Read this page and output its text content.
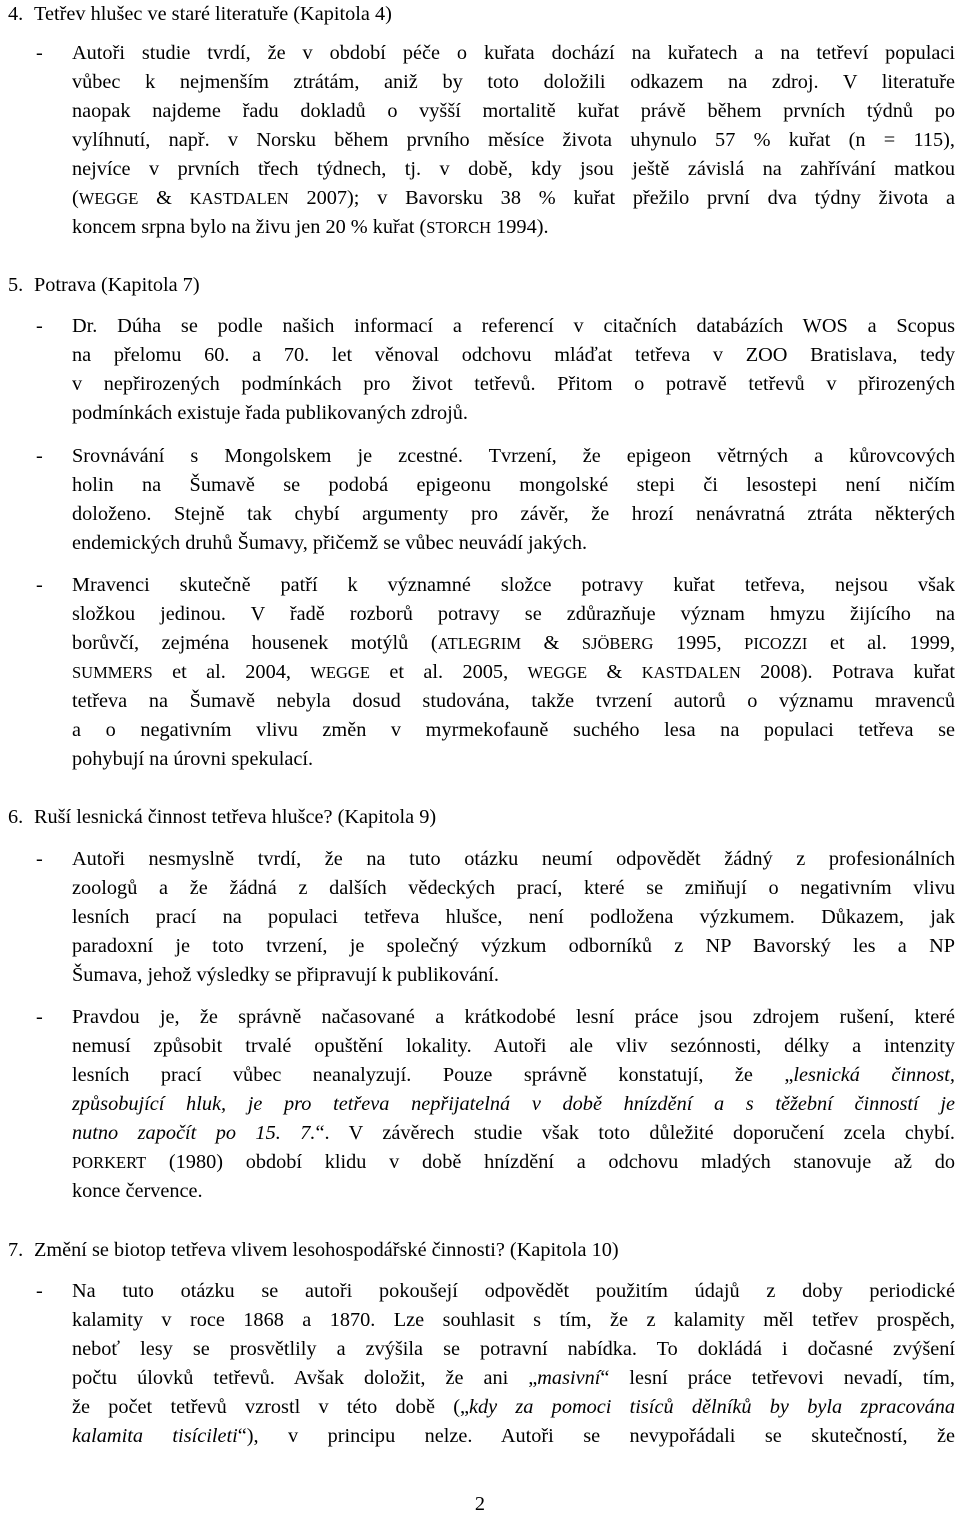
4. Tetřev hlušec ve staré literatuře (Kapitola 4)
- Autoři studie tvrdí, že v období péče o kuřata dochází na kuřatech a na tetřeví populaci
vůbec k nejmenším ztrátám, aniž by toto doložili odkazem na zdroj. V literatuře
naopak najdeme řadu dokladů o vyšší mortalitě kuřat právě během prvních týdnů po
vylíhnutí, např. v Norsku během prvního měsíce života uhynulo 57 % kuřat (n = 115),
nejvíce v prvních třech týdnech, tj. v době, kdy jsou ještě závislá na zahřívání matkou
(WEGGE & KASTDALEN 2007); v Bavorsku 38 % kuřat přežilo první dva týdny života a
koncem srpna bylo na živu jen 20 % kuřat (STORCH 1994).
5. Potrava (Kapitola 7)
- Dr. Dúha se podle našich informací a referencí v citačních databázích WOS a Scopus
na přelomu 60. a 70. let věnoval odchovu mláďat tetřeva v ZOO Bratislava, tedy
v nepřirozených podmínkách pro život tetřevů. Přitom o potravě tetřevů v přirozených
podmínkách existuje řada publikovaných zdrojů.
- Srovnávání s Mongolskem je zcestné. Tvrzení, že epigeon větrných a kůrovcových
holin na Šumavě se podobá epigeonu mongolské stepi či lesostepi není ničím
doloženo. Stejně tak chybí argumenty pro závěr, že hrozí nenávratná ztráta některých
endemických druhů Šumavy, přičemž se vůbec neuvádí jakých.
- Mravenci skutečně patří k významné složce potravy kuřat tetřeva, nejsou však
složkou jedinou. V řadě rozborů potravy se zdůrazňuje význam hmyzu žijícího na
borůvčí, zejména housenek motýlů (ATLEGRIM & SJÖBERG 1995, PICOZZI et al. 1999,
SUMMERS et al. 2004, WEGGE et al. 2005, WEGGE & KASTDALEN 2008). Potrava kuřat
tetřeva na Šumavě nebyla dosud studována, takže tvrzení autorů o významu mravenců
a o negativním vlivu změn v myrmekofauně suchého lesa na populaci tetřeva se
pohybují na úrovni spekulací.
6. Ruší lesnická činnost tetřeva hlušce? (Kapitola 9)
- Autoři nesmyslně tvrdí, že na tuto otázku neumí odpovědět žádný z profesionálních
zoologů a že žádná z dalších vědeckých prací, které se zmiňují o negativním vlivu
lesních prací na populaci tetřeva hlušce, není podložena výzkumem. Důkazem, jak
paradoxní je toto tvrzení, je společný výzkum odborníků z NP Bavorský les a NP
Šumava, jehož výsledky se připravují k publikování.
- Pravdou je, že správně načasované a krátkodobé lesní práce jsou zdrojem rušení, které
nemusí způsobit trvalé opuštění lokality. Autoři ale vliv sezónnosti, délky a intenzity
lesních prací vůbec neanalyzují. Pouze správně konstatují, že „lesnická činnost,
způsobující hluk, je pro tetřeva nepřijatelná v době hnízdění a s těžební činností je
nutno započít po 15. 7.“. V závěrech studie však toto důležité doporučení zcela chybí.
PORKERT (1980) období klidu v době hnízdění a odchovu mladých stanovuje až do
konce července.
7. Změní se biotop tetřeva vlivem lesohospodářské činnosti? (Kapitola 10)
- Na tuto otázku se autoři pokoušejí odpovědět použitím údajů z doby periodické
kalamity v roce 1868 a 1870. Lze souhlasit s tím, že z kalamity měl tetřev prospěch,
neboť lesy se prosvětlily a zvýšila se potravní nabídka. To dokládá i dočasné zvýšení
počtu úlovků tetřevů. Avšak doložit, že ani „masivní“ lesní práce tetřevovi nevadí, tím,
že počet tetřevů vzrostl v této době („kdy za pomoci tisíců dělníků by byla zpracována
kalamita tisícileti“), v principu nelze. Autoři se nevypořádali se skutečností, že
2
